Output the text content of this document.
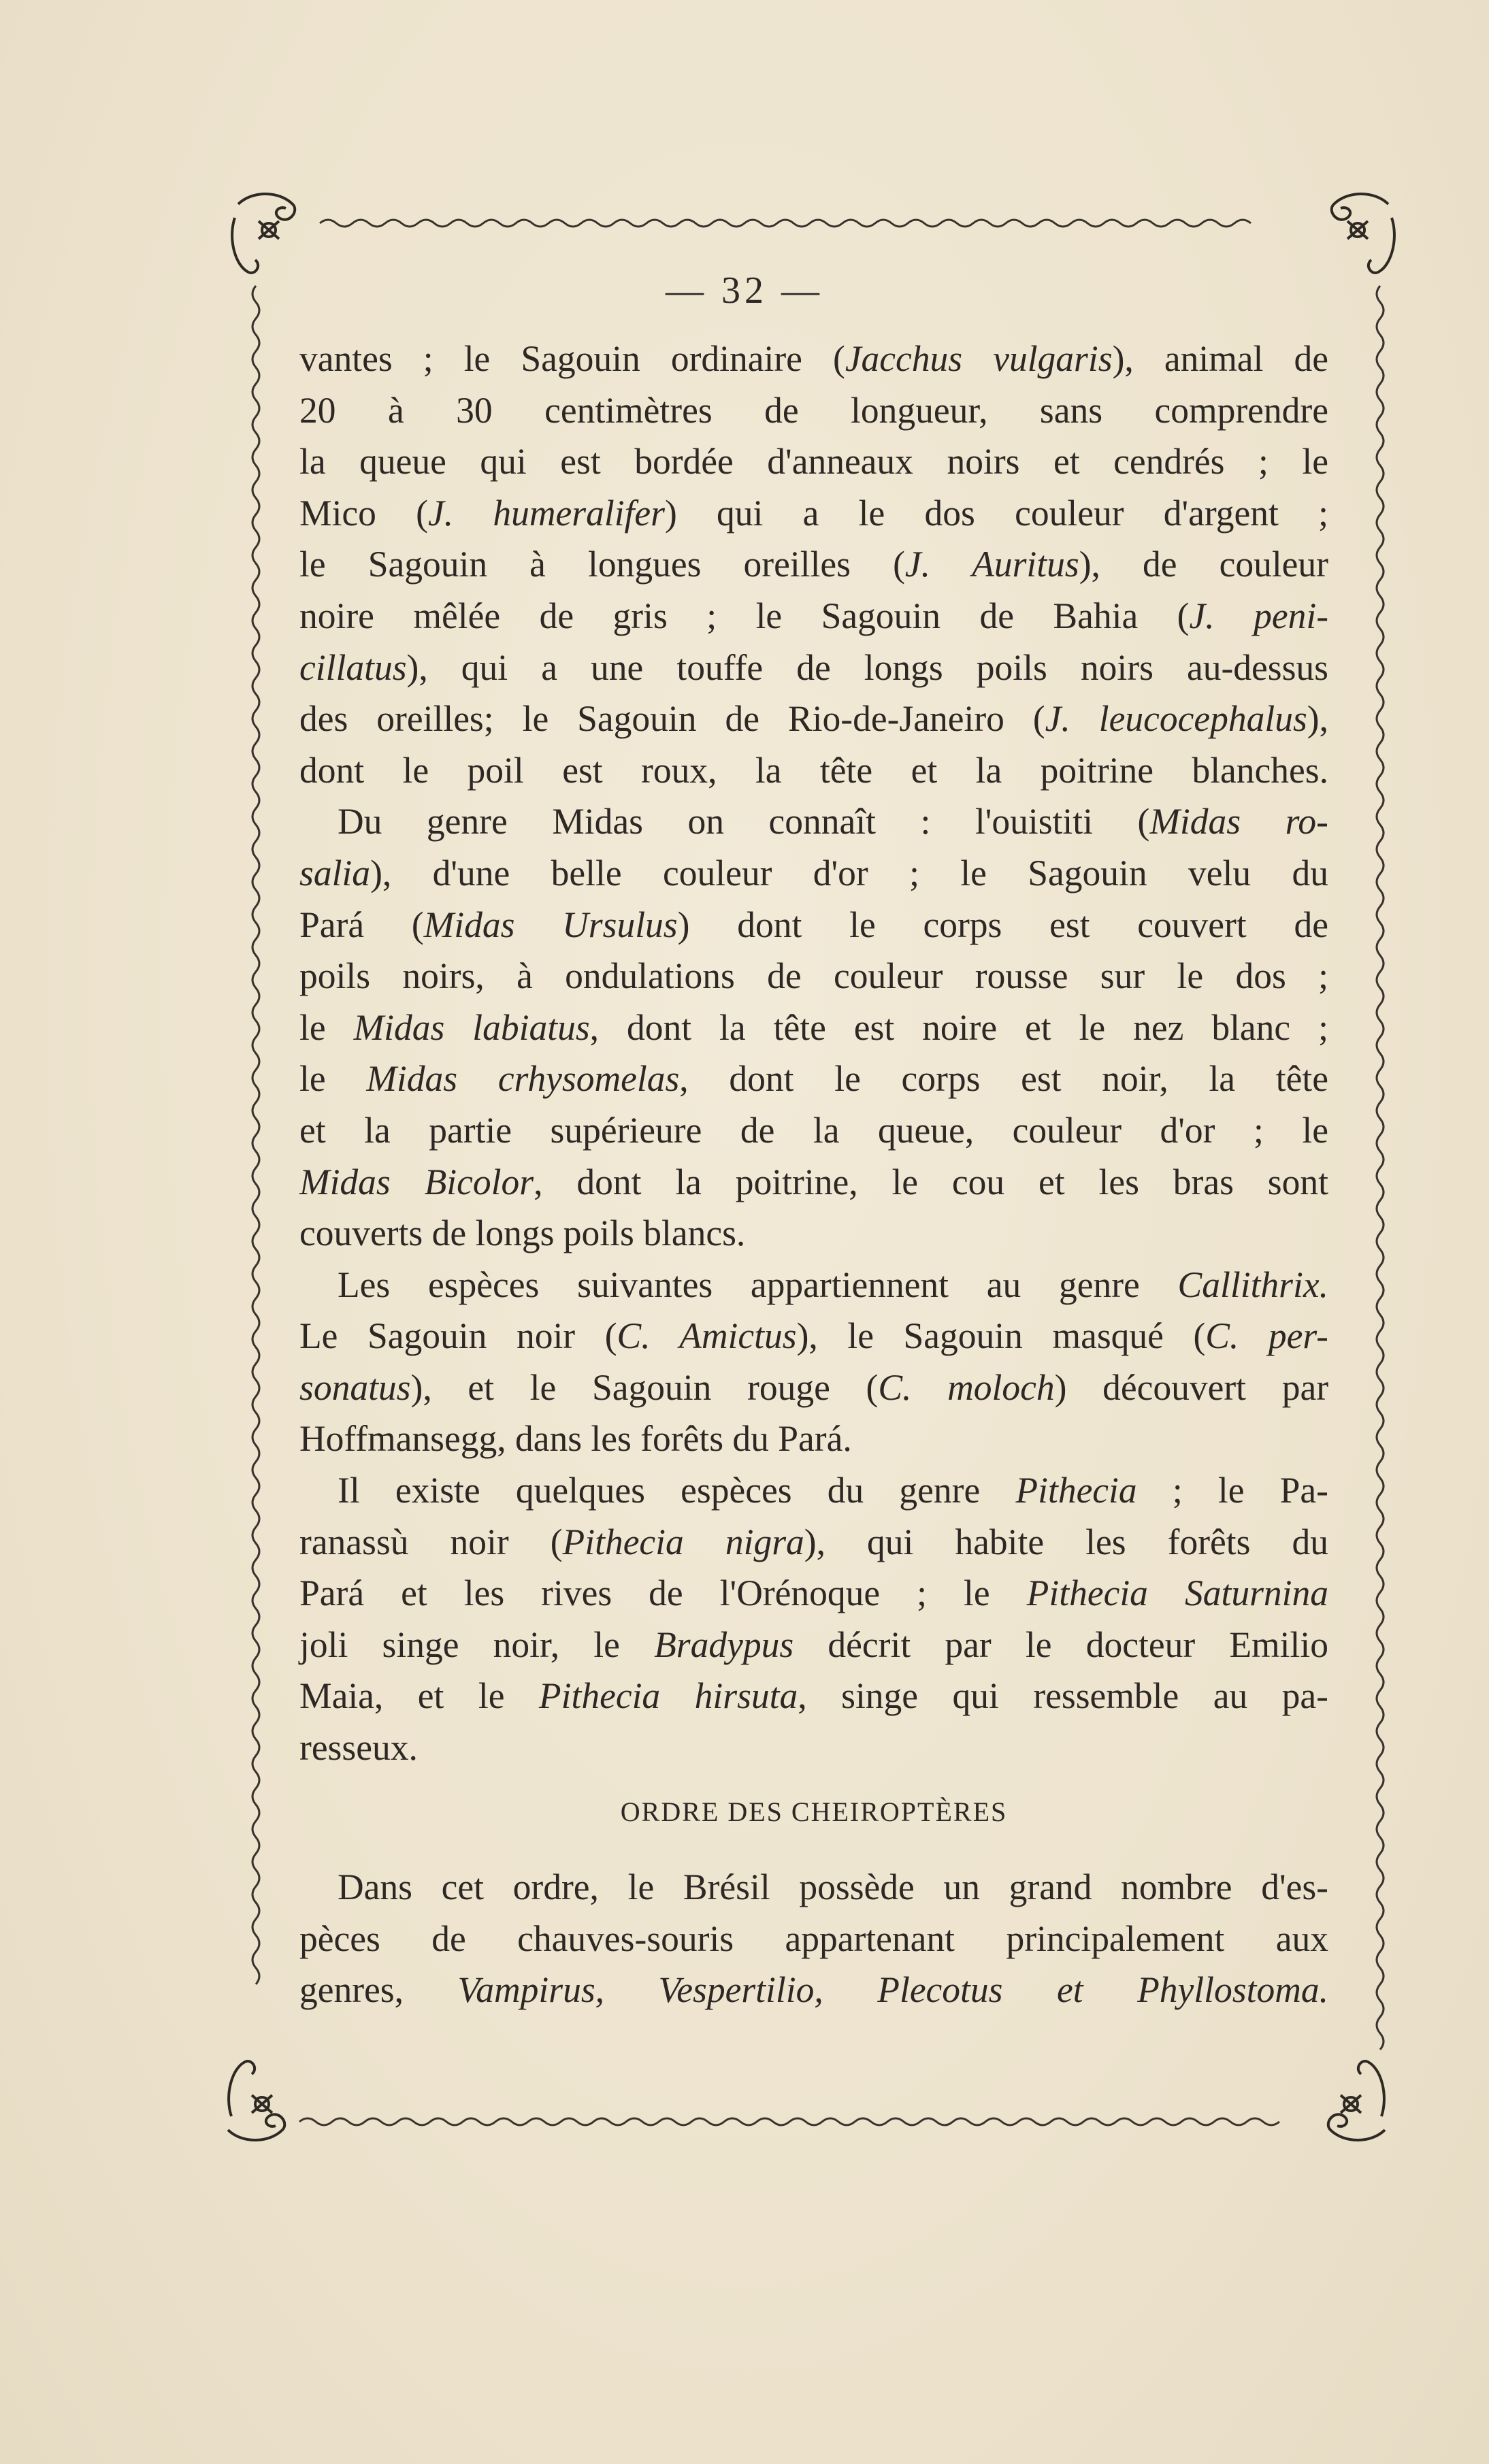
— 32 —
vantes ; le Sagouin ordinaire (Jacchus vulgaris), animal de
20 à 30 centimètres de longueur, sans comprendre
la queue qui est bordée d'anneaux noirs et cendrés ; le
Mico (J. humeralifer) qui a le dos couleur d'argent ;
le Sagouin à longues oreilles (J. Auritus), de couleur
noire mêlée de gris ; le Sagouin de Bahia (J. peni-
cillatus), qui a une touffe de longs poils noirs au-dessus
des oreilles; le Sagouin de Rio-de-Janeiro (J. leucocephalus),
dont le poil est roux, la tête et la poitrine blanches.
Du genre Midas on connaît : l'ouistiti (Midas ro-
salia), d'une belle couleur d'or ; le Sagouin velu du
Pará (Midas Ursulus) dont le corps est couvert de
poils noirs, à ondulations de couleur rousse sur le dos ;
le Midas labiatus, dont la tête est noire et le nez blanc ;
le Midas crhysomelas, dont le corps est noir, la tête
et la partie supérieure de la queue, couleur d'or ; le
Midas Bicolor, dont la poitrine, le cou et les bras sont
couverts de longs poils blancs.
Les espèces suivantes appartiennent au genre Callithrix.
Le Sagouin noir (C. Amictus), le Sagouin masqué (C. per-
sonatus), et le Sagouin rouge (C. moloch) découvert par
Hoffmansegg, dans les forêts du Pará.
Il existe quelques espèces du genre Pithecia ; le Pa-
ranassù noir (Pithecia nigra), qui habite les forêts du
Pará et les rives de l'Orénoque ; le Pithecia Saturnina
joli singe noir, le Bradypus décrit par le docteur Emilio
Maia, et le Pithecia hirsuta, singe qui ressemble au pa-
resseux.
ORDRE DES CHEIROPTÈRES
Dans cet ordre, le Brésil possède un grand nombre d'es-
pèces de chauves-souris appartenant principalement aux
genres, Vampirus, Vespertilio, Plecotus et Phyllostoma.
